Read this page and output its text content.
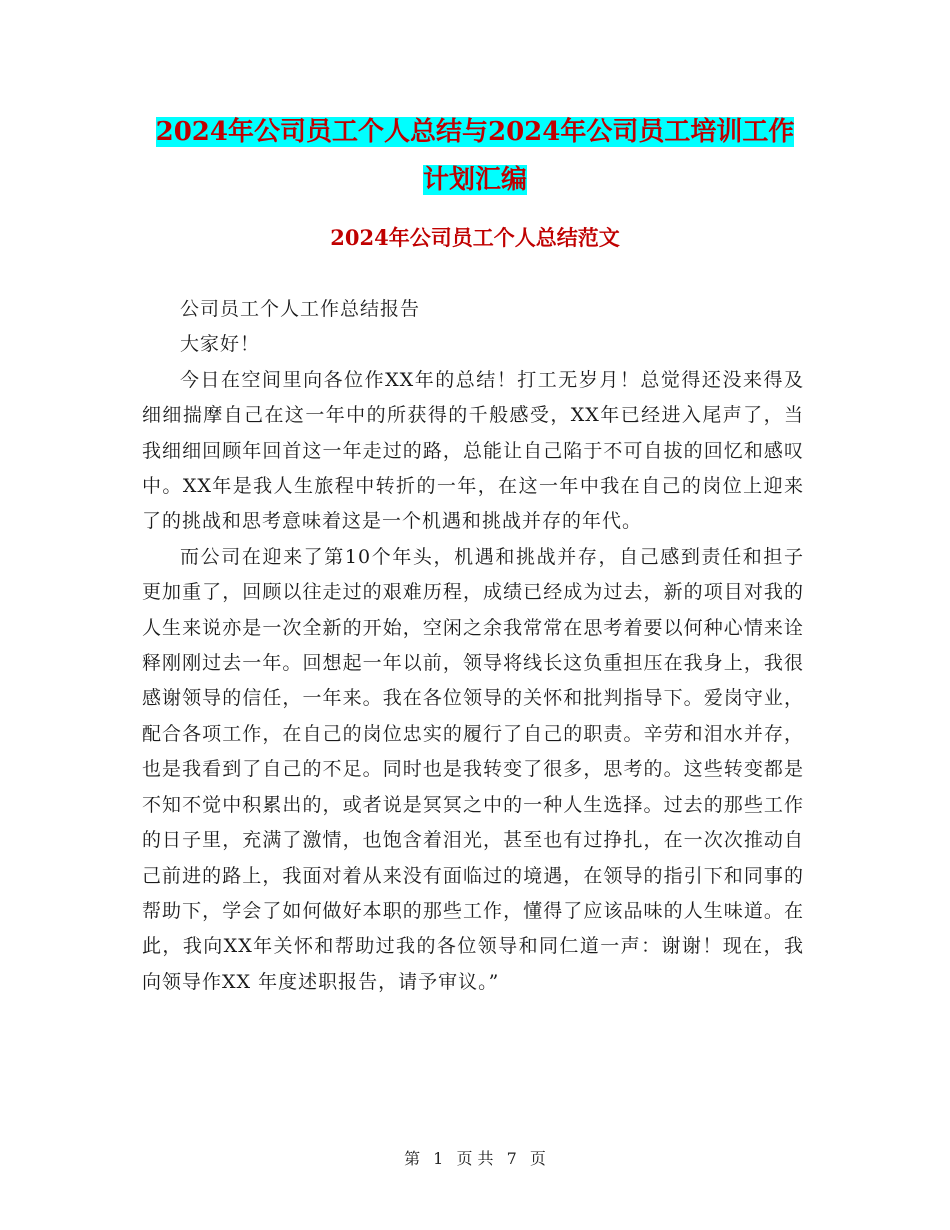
2024年公司员工个人总结与2024年公司员工培训工作
计划汇编
2024年公司员工个人总结范文

公司员工个人工作总结报告

大家好！

今日在空间里向各位作XX年的总结！打工无岁月！总觉得还没来得及细细揣摩自己在这一年中的所获得的千般感受，XX年已经进入尾声了，当我细细回顾年回首这一年走过的路，总能让自己陷于不可自拔的回忆和感叹中。XX年是我人生旅程中转折的一年，在这一年中我在自己的岗位上迎来了的挑战和思考意味着这是一个机遇和挑战并存的年代。

而公司在迎来了第10个年头，机遇和挑战并存，自己感到责任和担子更加重了，回顾以往走过的艰难历程，成绩已经成为过去，新的项目对我的人生来说亦是一次全新的开始，空闲之余我常常在思考着要以何种心情来诠释刚刚过去一年。回想起一年以前，领导将线长这负重担压在我身上，我很感谢领导的信任，一年来。我在各位领导的关怀和批判指导下。爱岗守业，配合各项工作，在自己的岗位忠实的履行了自己的职责。辛劳和泪水并存，也是我看到了自己的不足。同时也是我转变了很多，思考的。这些转变都是不知不觉中积累出的，或者说是冥冥之中的一种人生选择。过去的那些工作的日子里，充满了激情，也饱含着泪光，甚至也有过挣扎，在一次次推动自己前进的路上，我面对着从来没有面临过的境遇，在领导的指引下和同事的帮助下，学会了如何做好本职的那些工作，懂得了应该品味的人生味道。在此，我向XX年关怀和帮助过我的各位领导和同仁道一声：谢谢！现在，我向领导作XX 年度述职报告，请予审议。”

第 1 页 共 7 页
